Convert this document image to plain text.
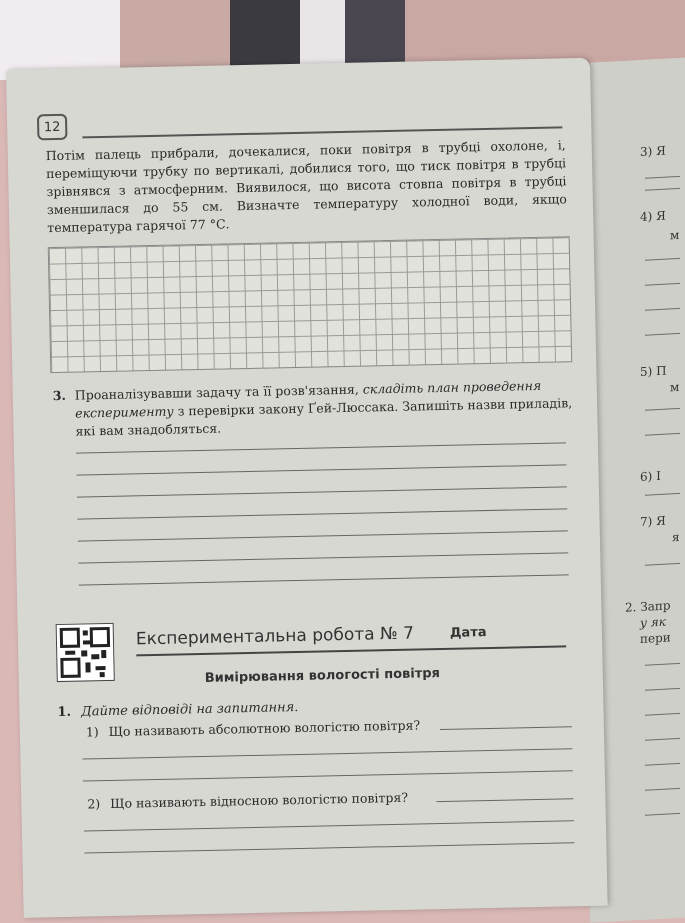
3) Я
4) Я
м
5) П
м
6) I
7) Я
я
2. Запр
у як
пери
12
Потім палець прибрали, дочекалися, поки повітря в трубці охолоне, і, переміщуючи трубку по вертикалі, добилися того, що тиск повітря в трубці зрівнявся з атмосферним. Виявилося, що висота стовпа повітря в трубці зменшилася до 55 см. Визначте температуру холодної води, якщо температура гарячої 77 °С.
3. Проаналізувавши задачу та її розв'язання, складіть план проведення експерименту з перевірки закону Ґей-Люссака. Запишіть назви приладів, які вам знадобляться.
Експериментальна робота № 7	Дата
Вимірювання вологості повітря
1. Дайте відповіді на запитання.
1) Що називають абсолютною вологістю повітря?
2) Що називають відносною вологістю повітря?
